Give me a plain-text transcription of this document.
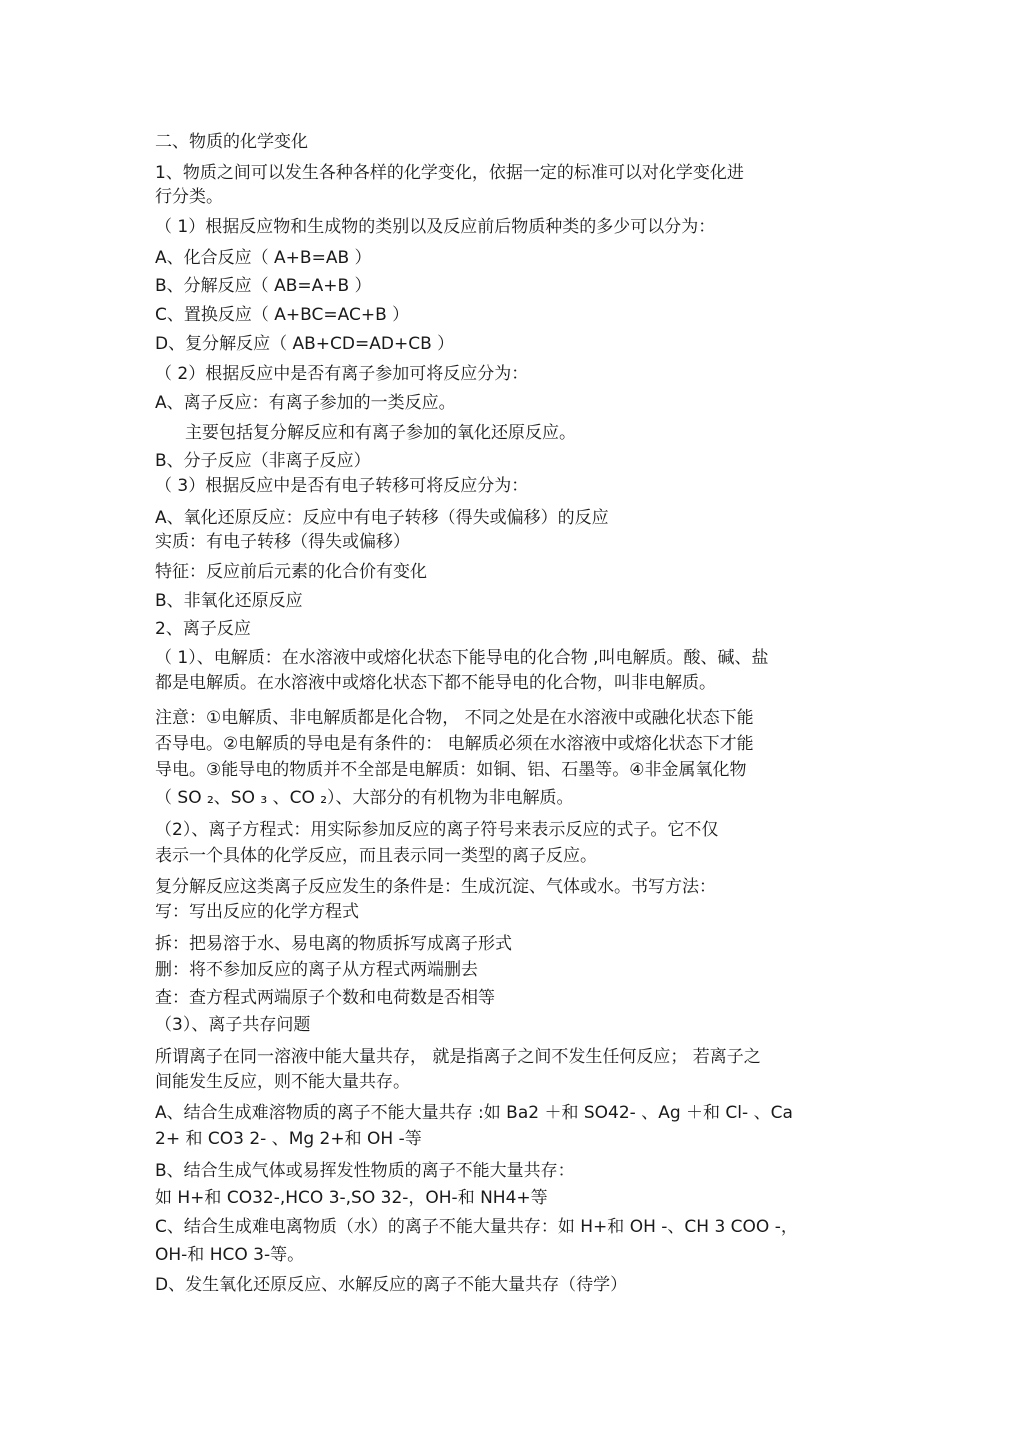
二、物质的化学变化
1、物质之间可以发生各种各样的化学变化，依据一定的标准可以对化学变化进
行分类。
（ 1）根据反应物和生成物的类别以及反应前后物质种类的多少可以分为：
A、化合反应（ A+B=AB ）
B、分解反应（ AB=A+B ）
C、置换反应（ A+BC=AC+B ）
D、复分解反应（ AB+CD=AD+CB ）
（ 2）根据反应中是否有离子参加可将反应分为：
A、离子反应：有离子参加的一类反应。
主要包括复分解反应和有离子参加的氧化还原反应。
B、分子反应（非离子反应）
（ 3）根据反应中是否有电子转移可将反应分为：
A、氧化还原反应：反应中有电子转移（得失或偏移）的反应
实质：有电子转移（得失或偏移）
特征：反应前后元素的化合价有变化
B、非氧化还原反应
2、离子反应
（ 1）、电解质：在水溶液中或熔化状态下能导电的化合物 ,叫电解质。酸、碱、盐
都是电解质。在水溶液中或熔化状态下都不能导电的化合物，叫非电解质。
注意：①电解质、非电解质都是化合物， 不同之处是在水溶液中或融化状态下能
否导电。②电解质的导电是有条件的： 电解质必须在水溶液中或熔化状态下才能
导电。③能导电的物质并不全部是电解质：如铜、铝、石墨等。④非金属氧化物
（ SO ₂、SO ₃ 、CO ₂）、大部分的有机物为非电解质。
（2）、离子方程式：用实际参加反应的离子符号来表示反应的式子。它不仅
表示一个具体的化学反应，而且表示同一类型的离子反应。
复分解反应这类离子反应发生的条件是：生成沉淀、气体或水。书写方法：
写：写出反应的化学方程式
拆：把易溶于水、易电离的物质拆写成离子形式
删：将不参加反应的离子从方程式两端删去
查：查方程式两端原子个数和电荷数是否相等
（3）、离子共存问题
所谓离子在同一溶液中能大量共存， 就是指离子之间不发生任何反应； 若离子之
间能发生反应，则不能大量共存。
A、结合生成难溶物质的离子不能大量共存 :如 Ba2 ＋和 SO42- 、Ag ＋和 Cl- 、Ca
2+ 和 CO3 2- 、Mg 2+和 OH -等
B、结合生成气体或易挥发性物质的离子不能大量共存：
如 H+和 CO32-,HCO 3-,SO 32-，OH-和 NH4+等
C、结合生成难电离物质（水）的离子不能大量共存：如 H+和 OH -、CH 3 COO -，
OH-和 HCO 3-等。
D、发生氧化还原反应、水解反应的离子不能大量共存（待学）
